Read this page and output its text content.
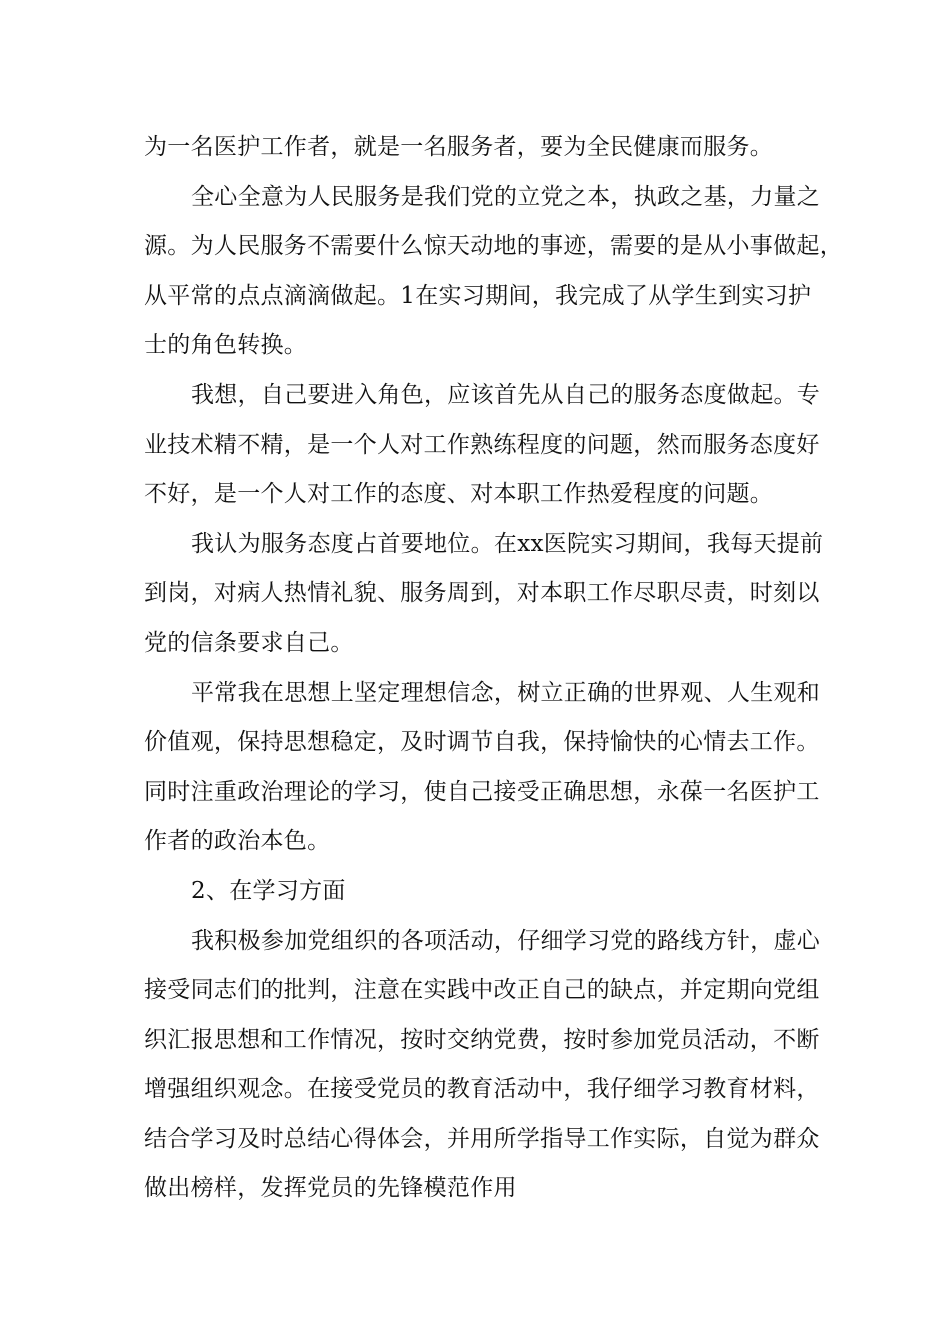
为一名医护工作者，就是一名服务者，要为全民健康而服务。
全心全意为人民服务是我们党的立党之本，执政之基，力量之
源。为人民服务不需要什么惊天动地的事迹，需要的是从小事做起，
从平常的点点滴滴做起。1在实习期间，我完成了从学生到实习护
士的角色转换。
我想，自己要进入角色，应该首先从自己的服务态度做起。专
业技术精不精，是一个人对工作熟练程度的问题，然而服务态度好
不好，是一个人对工作的态度、对本职工作热爱程度的问题。
我认为服务态度占首要地位。在xx医院实习期间，我每天提前
到岗，对病人热情礼貌、服务周到，对本职工作尽职尽责，时刻以
党的信条要求自己。
平常我在思想上坚定理想信念，树立正确的世界观、人生观和
价值观，保持思想稳定，及时调节自我，保持愉快的心情去工作。
同时注重政治理论的学习，使自己接受正确思想，永葆一名医护工
作者的政治本色。
2、在学习方面
我积极参加党组织的各项活动，仔细学习党的路线方针，虚心
接受同志们的批判，注意在实践中改正自己的缺点，并定期向党组
织汇报思想和工作情况，按时交纳党费，按时参加党员活动，不断
增强组织观念。在接受党员的教育活动中，我仔细学习教育材料，
结合学习及时总结心得体会，并用所学指导工作实际，自觉为群众
做出榜样，发挥党员的先锋模范作用
